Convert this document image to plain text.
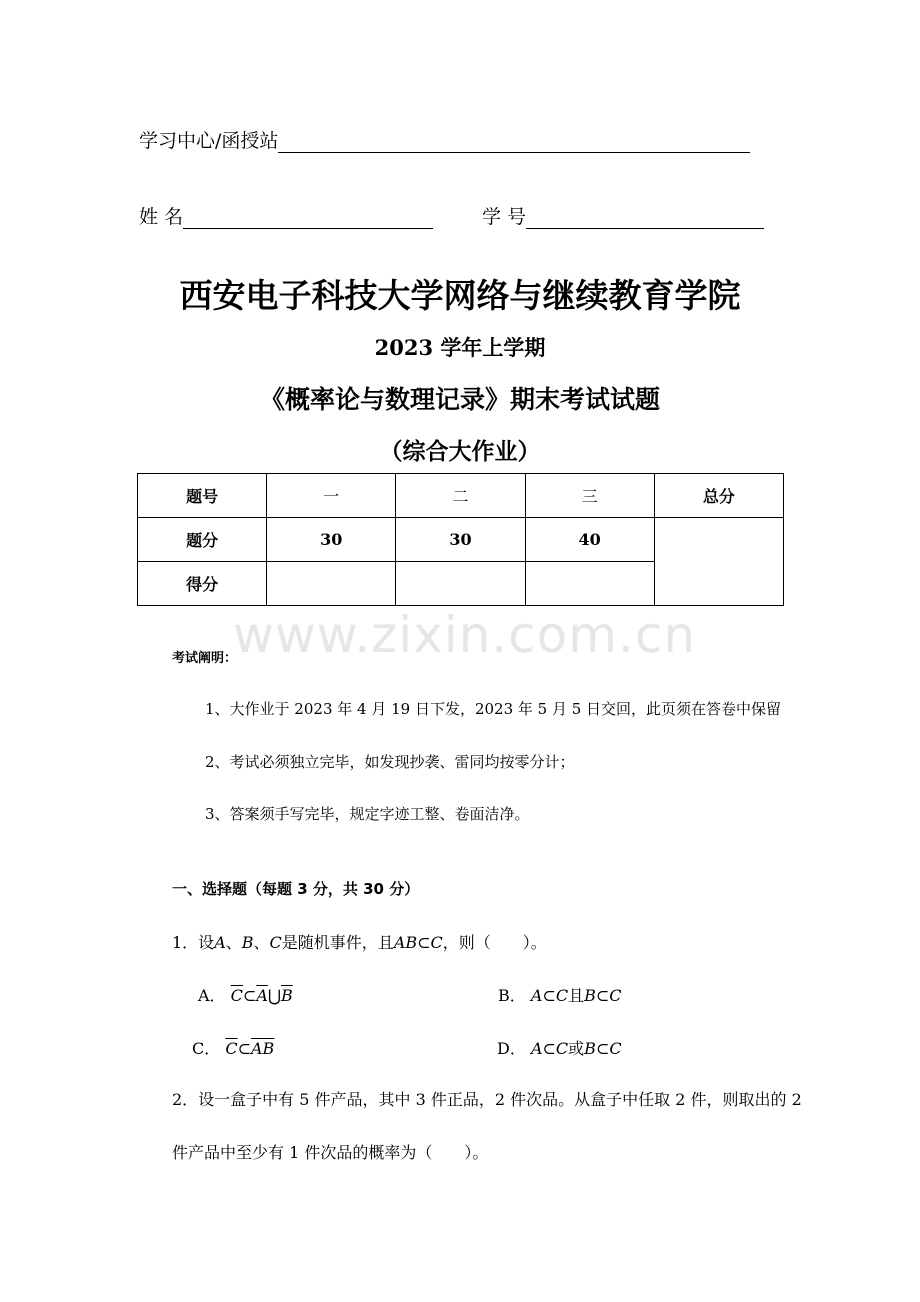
学习中心/函授站
姓 名	学 号
西安电子科技大学网络与继续教育学院
2023 学年上学期
《概率论与数理记录》期末考试试题
（综合大作业）
题号	一	二	三	总分
题分	30	30	40	
得分				
www.zixin.com.cn
考试阐明：
1、大作业于 2023 年 4 月 19 日下发，2023 年 5 月 5 日交回，此页须在答卷中保留
2、考试必须独立完毕，如发现抄袭、雷同均按零分计；
3、答案须手写完毕，规定字迹工整、卷面洁净。
一、选择题（每题 3 分，共 30 分）
1．设A、B、C是随机事件，且AB⊂C，则（　　）。
A． $\overline{C}\subset\overline{A}⋃\overline{B}$	B． A⊂C且B⊂C
C． $\overline{C}\subset\overline{AB}$	D． A⊂C或B⊂C
2．设一盒子中有 5 件产品，其中 3 件正品，2 件次品。从盒子中任取 2 件，则取出的 2
件产品中至少有 1 件次品的概率为（　　）。
